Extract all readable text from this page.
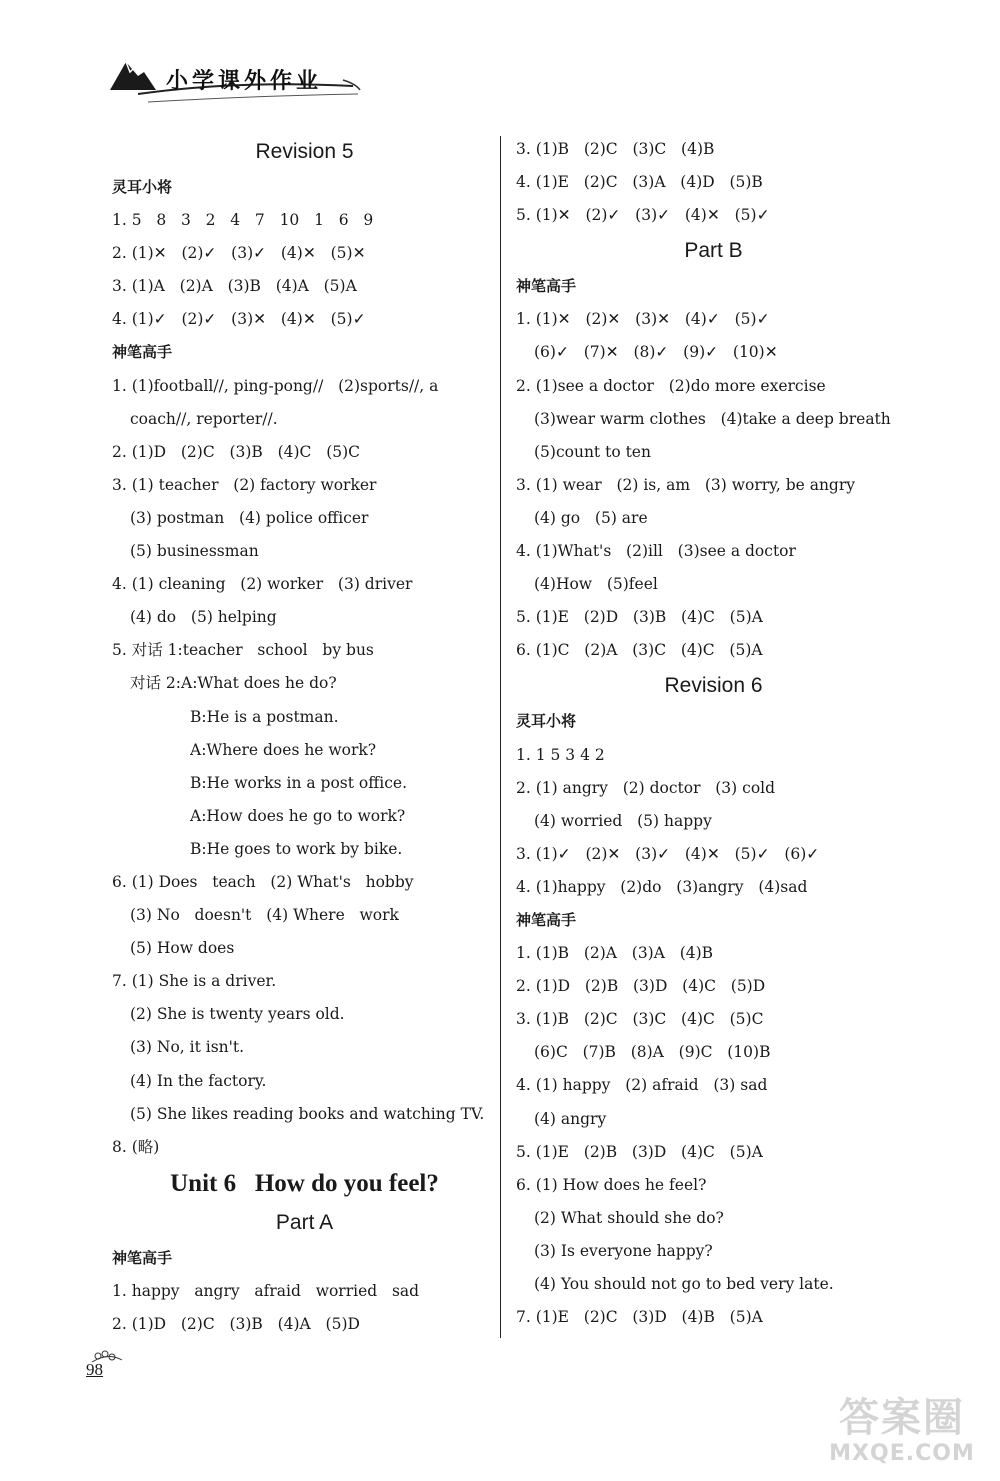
小学课外作业
Revision 5
灵耳小将
1. 5   8   3   2   4   7   10   1   6   9
2. (1)✕   (2)✓   (3)✓   (4)✕   (5)✕
3. (1)A   (2)A   (3)B   (4)A   (5)A
4. (1)✓   (2)✓   (3)✕   (4)✕   (5)✓
神笔高手
1. (1)football//, ping-pong//   (2)sports//, a
coach//, reporter//.
2. (1)D   (2)C   (3)B   (4)C   (5)C
3. (1) teacher   (2) factory worker
(3) postman   (4) police officer
(5) businessman
4. (1) cleaning   (2) worker   (3) driver
(4) do   (5) helping
5. 对话 1:teacher   school   by bus
对话 2:A:What does he do?
B:He is a postman.
A:Where does he work?
B:He works in a post office.
A:How does he go to work?
B:He goes to work by bike.
6. (1) Does   teach   (2) What's   hobby
(3) No   doesn't   (4) Where   work
(5) How does
7. (1) She is a driver.
(2) She is twenty years old.
(3) No, it isn't.
(4) In the factory.
(5) She likes reading books and watching TV.
8. (略)
Unit 6   How do you feel?
Part A
神笔高手
1. happy   angry   afraid   worried   sad
2. (1)D   (2)C   (3)B   (4)A   (5)D
3. (1)B   (2)C   (3)C   (4)B
4. (1)E   (2)C   (3)A   (4)D   (5)B
5. (1)✕   (2)✓   (3)✓   (4)✕   (5)✓
Part B
神笔高手
1. (1)✕   (2)✕   (3)✕   (4)✓   (5)✓
(6)✓   (7)✕   (8)✓   (9)✓   (10)✕
2. (1)see a doctor   (2)do more exercise
(3)wear warm clothes   (4)take a deep breath
(5)count to ten
3. (1) wear   (2) is, am   (3) worry, be angry
(4) go   (5) are
4. (1)What's   (2)ill   (3)see a doctor
(4)How   (5)feel
5. (1)E   (2)D   (3)B   (4)C   (5)A
6. (1)C   (2)A   (3)C   (4)C   (5)A
Revision 6
灵耳小将
1. 1 5 3 4 2
2. (1) angry   (2) doctor   (3) cold
(4) worried   (5) happy
3. (1)✓   (2)✕   (3)✓   (4)✕   (5)✓   (6)✓
4. (1)happy   (2)do   (3)angry   (4)sad
神笔高手
1. (1)B   (2)A   (3)A   (4)B
2. (1)D   (2)B   (3)D   (4)C   (5)D
3. (1)B   (2)C   (3)C   (4)C   (5)C
(6)C   (7)B   (8)A   (9)C   (10)B
4. (1) happy   (2) afraid   (3) sad
(4) angry
5. (1)E   (2)B   (3)D   (4)C   (5)A
6. (1) How does he feel?
(2) What should she do?
(3) Is everyone happy?
(4) You should not go to bed very late.
7. (1)E   (2)C   (3)D   (4)B   (5)A
98
答案圈
MXQE.COM
